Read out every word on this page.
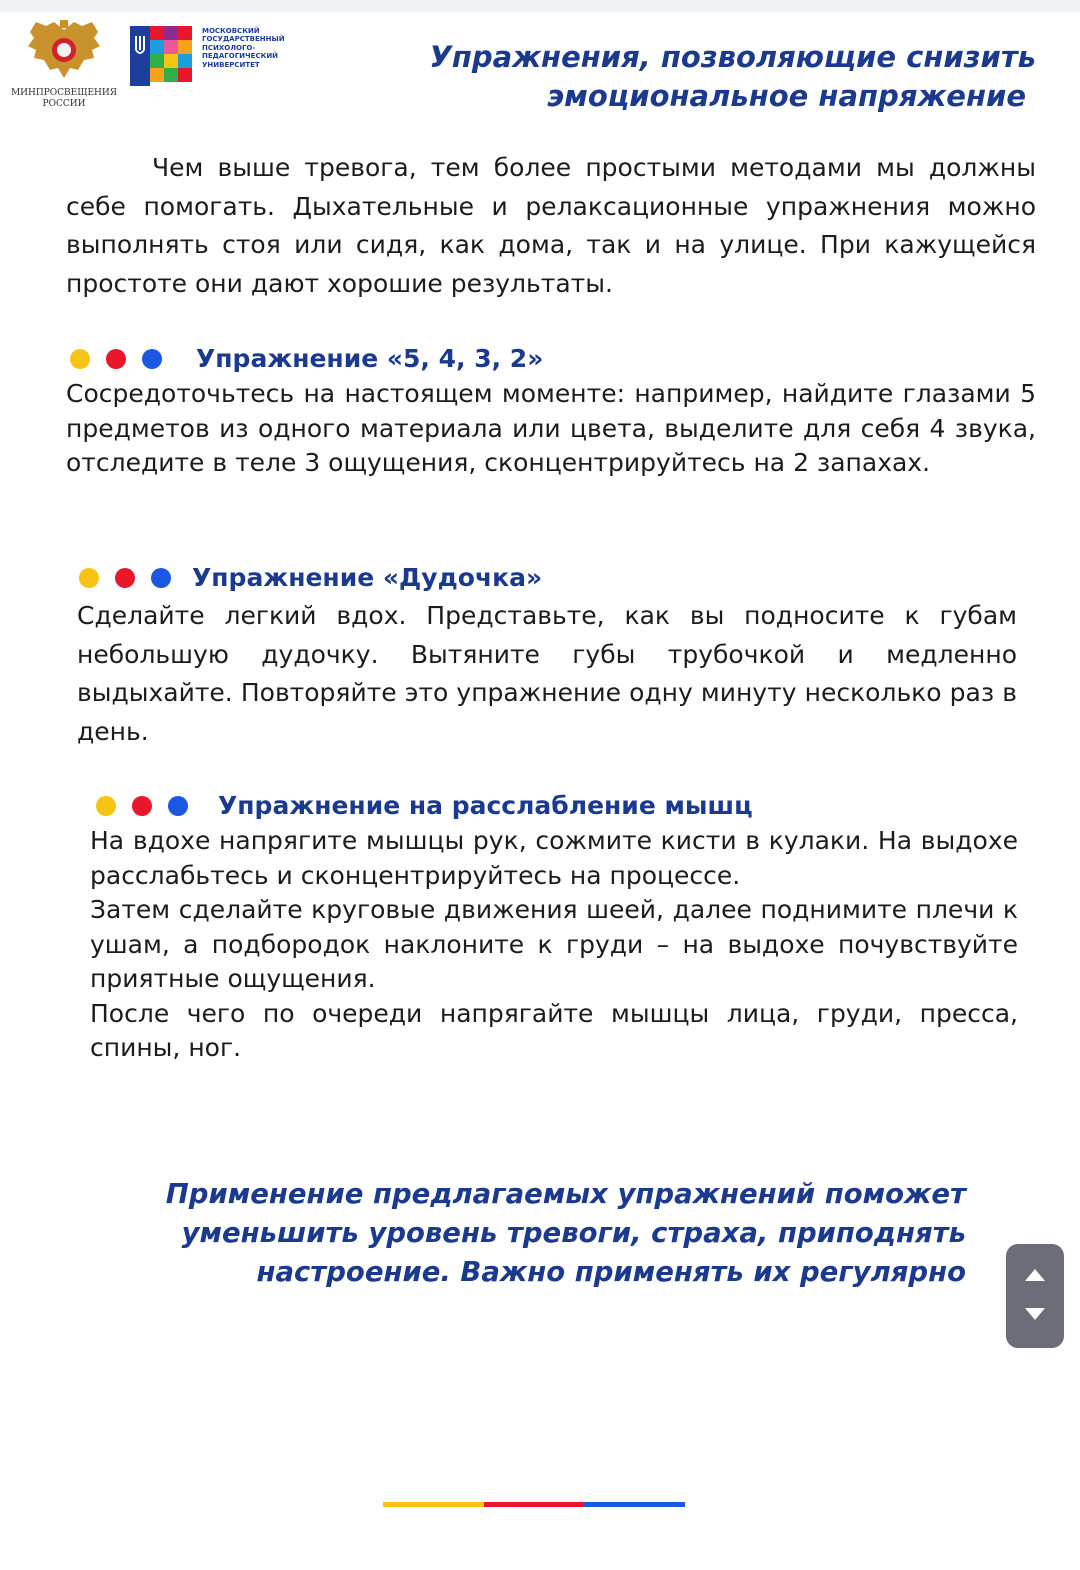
МИНПРОСВЕЩЕНИЯ
РОССИИ
МОСКОВСКИЙ
ГОСУДАРСТВЕННЫЙ
ПСИХОЛОГО-
ПЕДАГОГИЧЕСКИЙ
УНИВЕРСИТЕТ	Упражнения, позволяющие снизить
эмоциональное напряжение

Чем выше тревога, тем более простыми методами мы должны себе помогать. Дыхательные и релаксационные упражнения можно выполнять стоя или сидя, как дома, так и на улице. При кажущейся простоте они дают хорошие результаты.

Упражнение «5, 4, 3, 2»

Сосредоточьтесь на настоящем моменте: например, найдите глазами 5 предметов из одного материала или цвета, выделите для себя 4 звука, отследите в теле 3 ощущения, сконцентрируйтесь на 2 запахах.

Упражнение «Дудочка»

Сделайте легкий вдох. Представьте, как вы подносите к губам небольшую дудочку. Вытяните губы трубочкой и медленно выдыхайте. Повторяйте это упражнение одну минуту несколько раз в день.

Упражнение на расслабление мышц

На вдохе напрягите мышцы рук, сожмите кисти в кулаки. На выдохе расслабьтесь и сконцентрируйтесь на процессе.

Затем сделайте круговые движения шеей, далее поднимите плечи к ушам, а подбородок наклоните к груди – на выдохе почувствуйте приятные ощущения.

После чего по очереди напрягайте мышцы лица, груди, пресса, спины, ног.

Применение предлагаемых упражнений поможет
уменьшить уровень тревоги, страха, приподнять
настроение. Важно применять их регулярно
